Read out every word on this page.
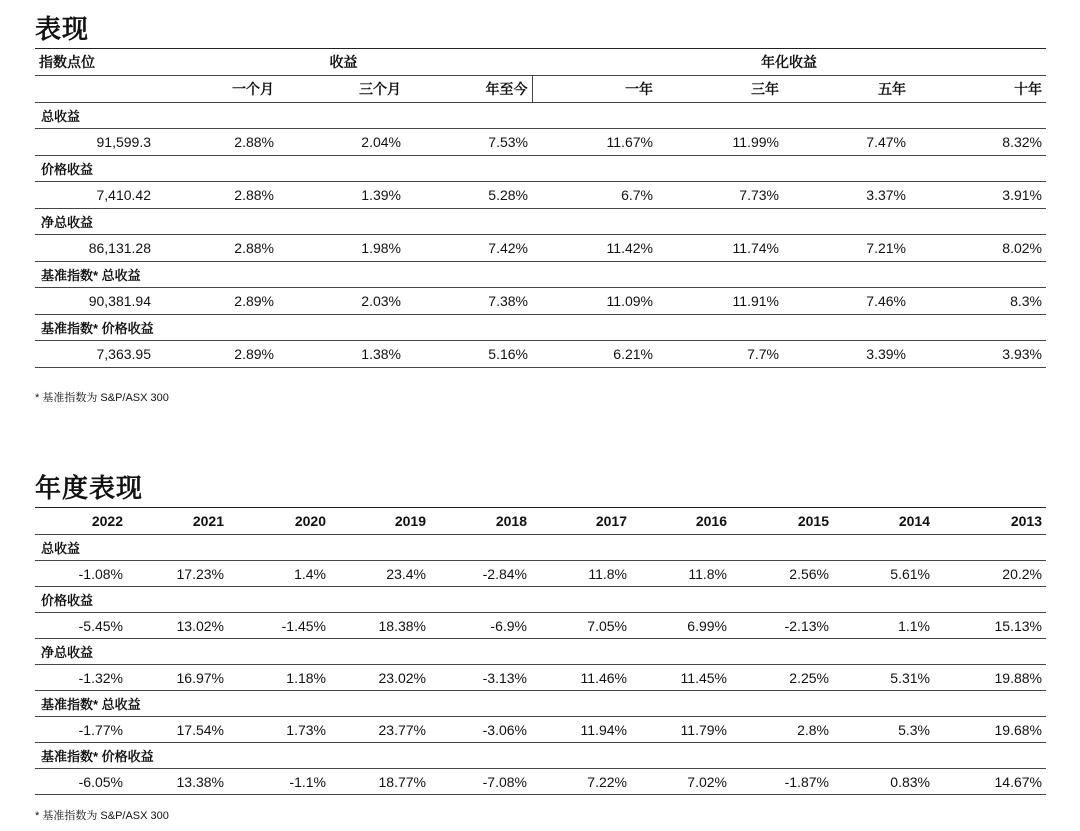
表现
指数点位	收益			年化收益			
	一个月	三个月	年至今	一年	三年	五年	十年
总收益							
91,599.3	2.88%	2.04%	7.53%	11.67%	11.99%	7.47%	8.32%
价格收益							
7,410.42	2.88%	1.39%	5.28%	6.7%	7.73%	3.37%	3.91%
净总收益							
86,131.28	2.88%	1.98%	7.42%	11.42%	11.74%	7.21%	8.02%
基准指数* 总收益							
90,381.94	2.89%	2.03%	7.38%	11.09%	11.91%	7.46%	8.3%
基准指数* 价格收益							
7,363.95	2.89%	1.38%	5.16%	6.21%	7.7%	3.39%	3.93%
* 基准指数为 S&P/ASX 300
年度表现
2022	2021	2020	2019	2018	2017	2016	2015	2014	2013
总收益									
-1.08%	17.23%	1.4%	23.4%	-2.84%	11.8%	11.8%	2.56%	5.61%	20.2%
价格收益									
-5.45%	13.02%	-1.45%	18.38%	-6.9%	7.05%	6.99%	-2.13%	1.1%	15.13%
净总收益									
-1.32%	16.97%	1.18%	23.02%	-3.13%	11.46%	11.45%	2.25%	5.31%	19.88%
基准指数* 总收益									
-1.77%	17.54%	1.73%	23.77%	-3.06%	11.94%	11.79%	2.8%	5.3%	19.68%
基准指数* 价格收益									
-6.05%	13.38%	-1.1%	18.77%	-7.08%	7.22%	7.02%	-1.87%	0.83%	14.67%
* 基准指数为 S&P/ASX 300
